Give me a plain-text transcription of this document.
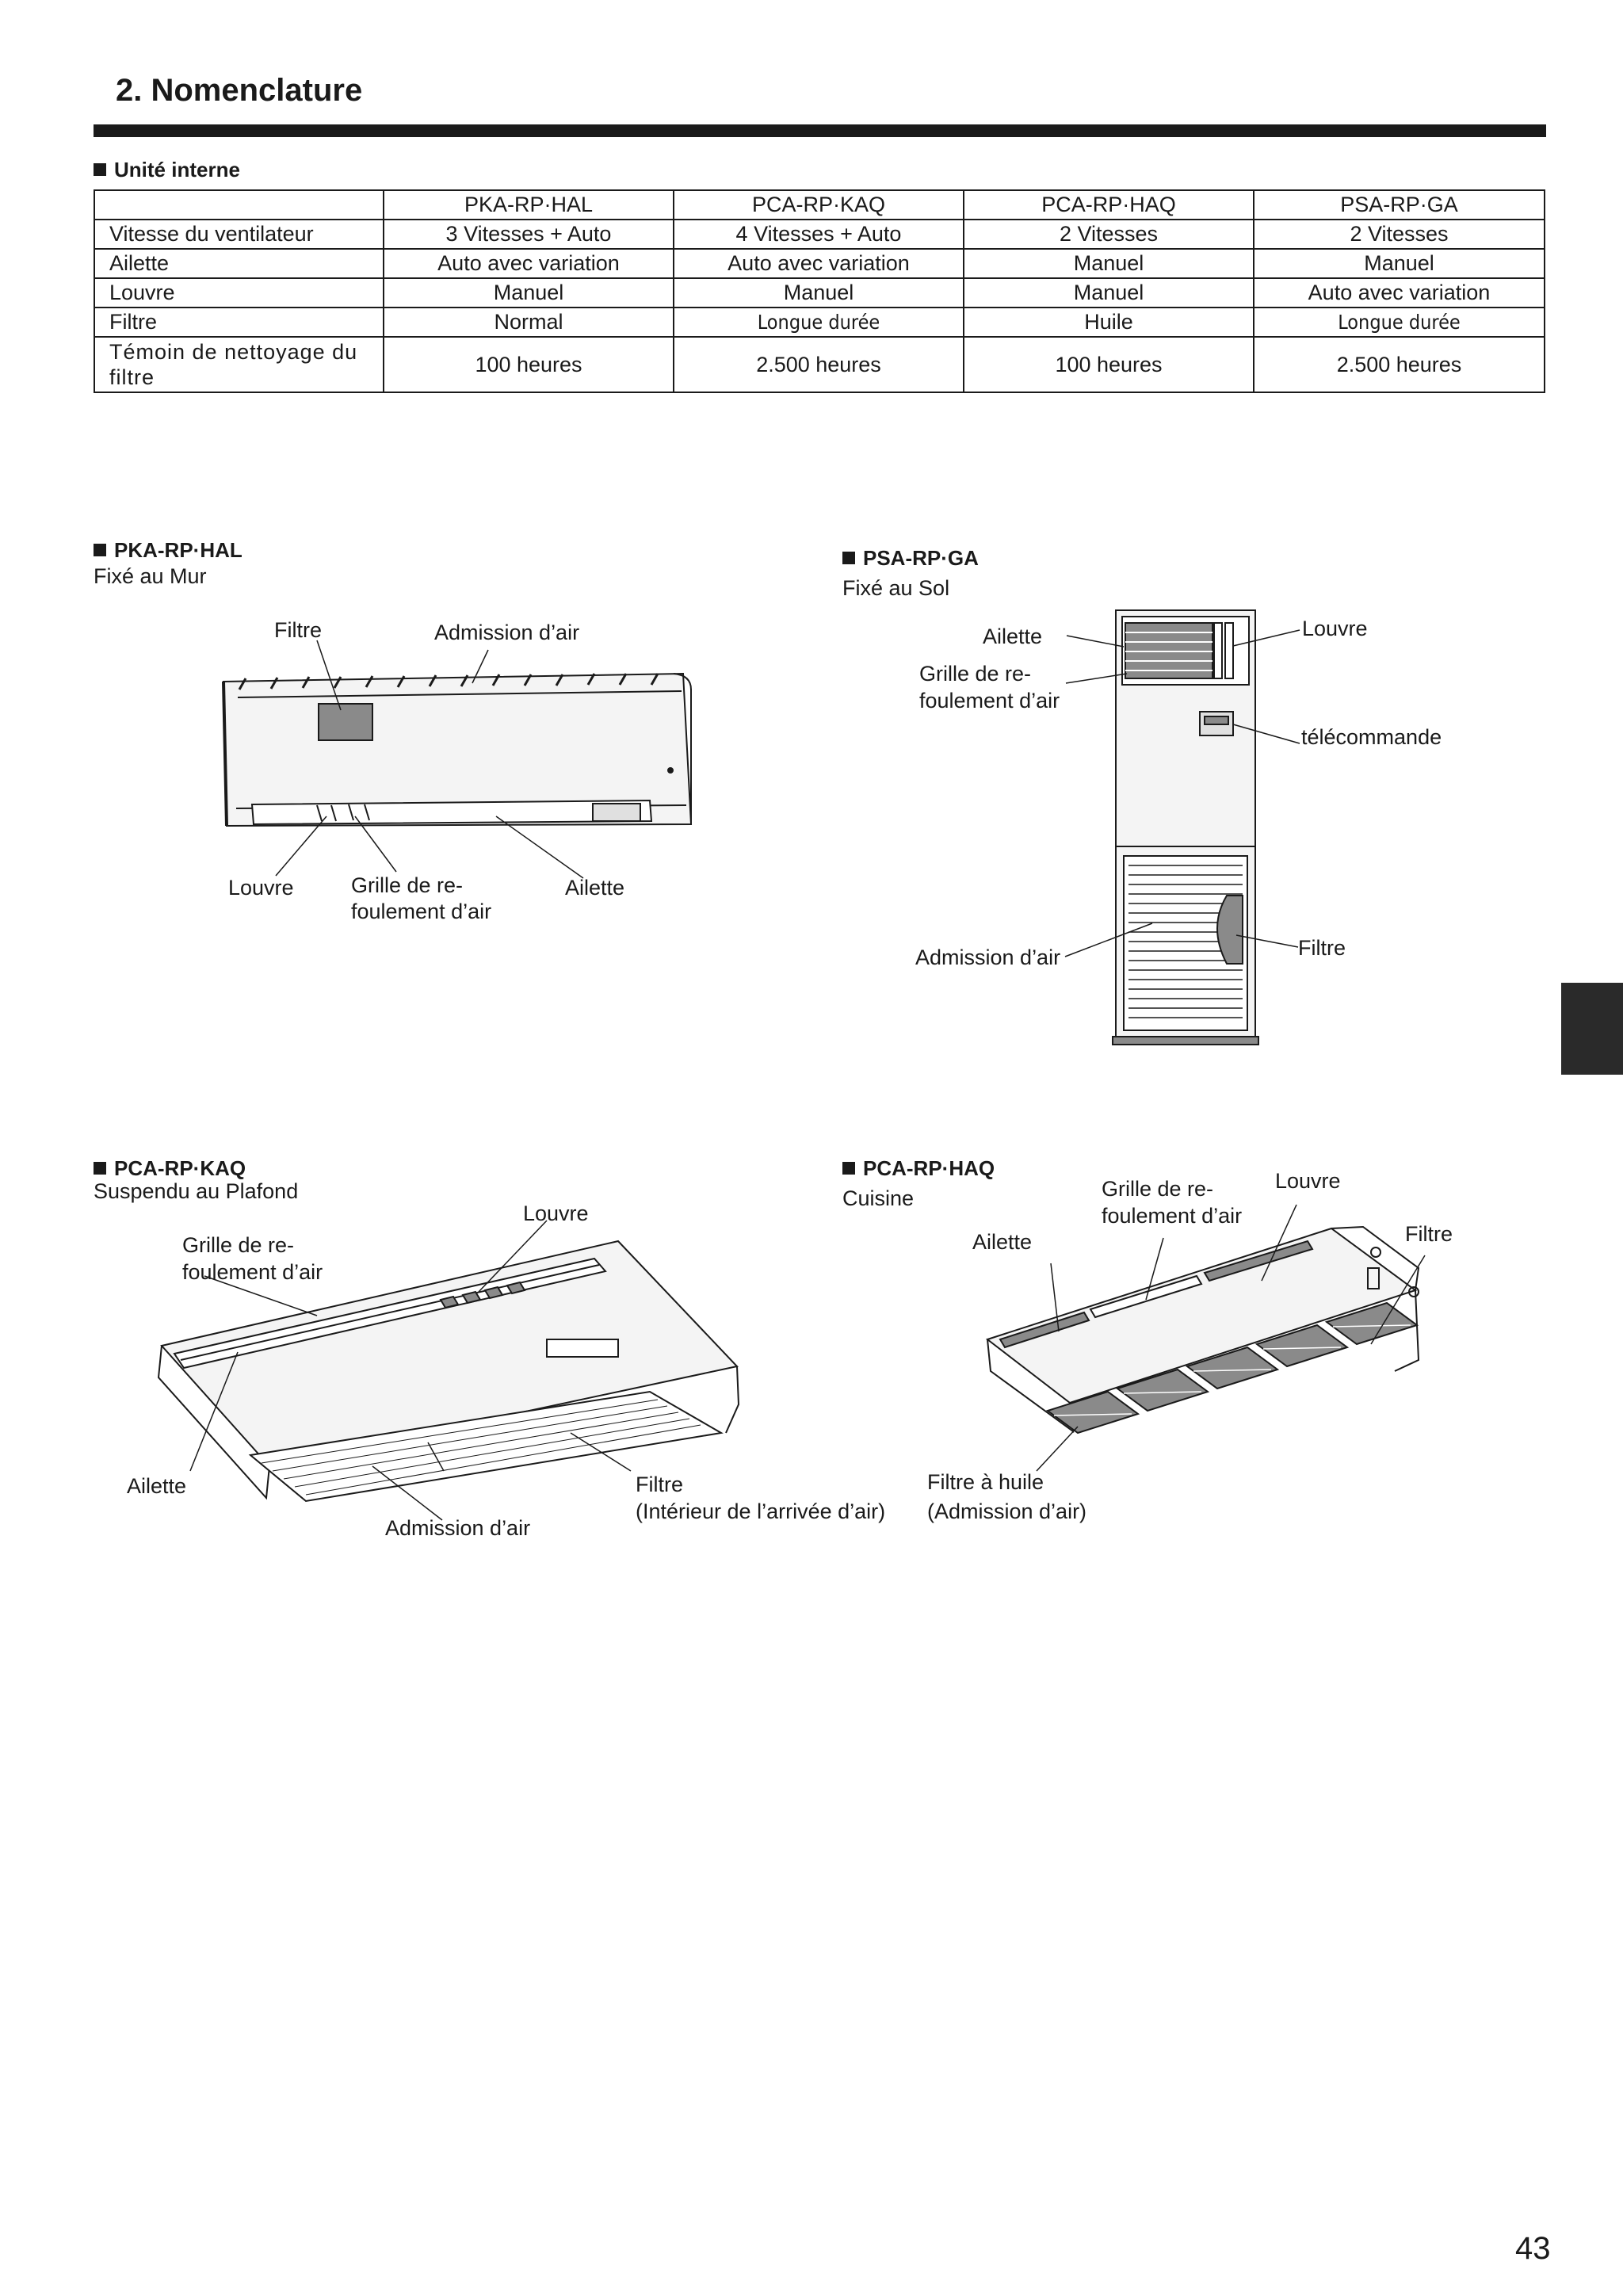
2. Nomenclature
Unité interne
	PKA-RP·HAL	PCA-RP·KAQ	PCA-RP·HAQ	PSA-RP·GA
Vitesse du ventilateur	3 Vitesses + Auto	4 Vitesses + Auto	2 Vitesses	2 Vitesses
Ailette	Auto avec variation	Auto avec variation	Manuel	Manuel
Louvre	Manuel	Manuel	Manuel	Auto avec variation
Filtre	Normal	Longue durée	Huile	Longue durée
Témoin de nettoyage du filtre	100 heures	2.500 heures	100 heures	2.500 heures
PKA-RP·HAL
Fixé au Mur
Filtre	Admission d’air
Louvre	Grille de re-
foulement d’air
Ailette
PSA-RP·GA
Fixé au Sol
Ailette	Louvre
Grille de re-
foulement d’air
télécommande
Admission d’air	Filtre
PCA-RP·KAQ
Suspendu au Plafond
Louvre
Grille de re-
foulement d’air
Ailette
Admission d’air
Filtre
(Intérieur de l’arrivée d’air)
PCA-RP·HAQ
Cuisine	Grille de re-
foulement d’air
Louvre
Ailette	Filtre
Filtre à huile
(Admission d’air)
43
